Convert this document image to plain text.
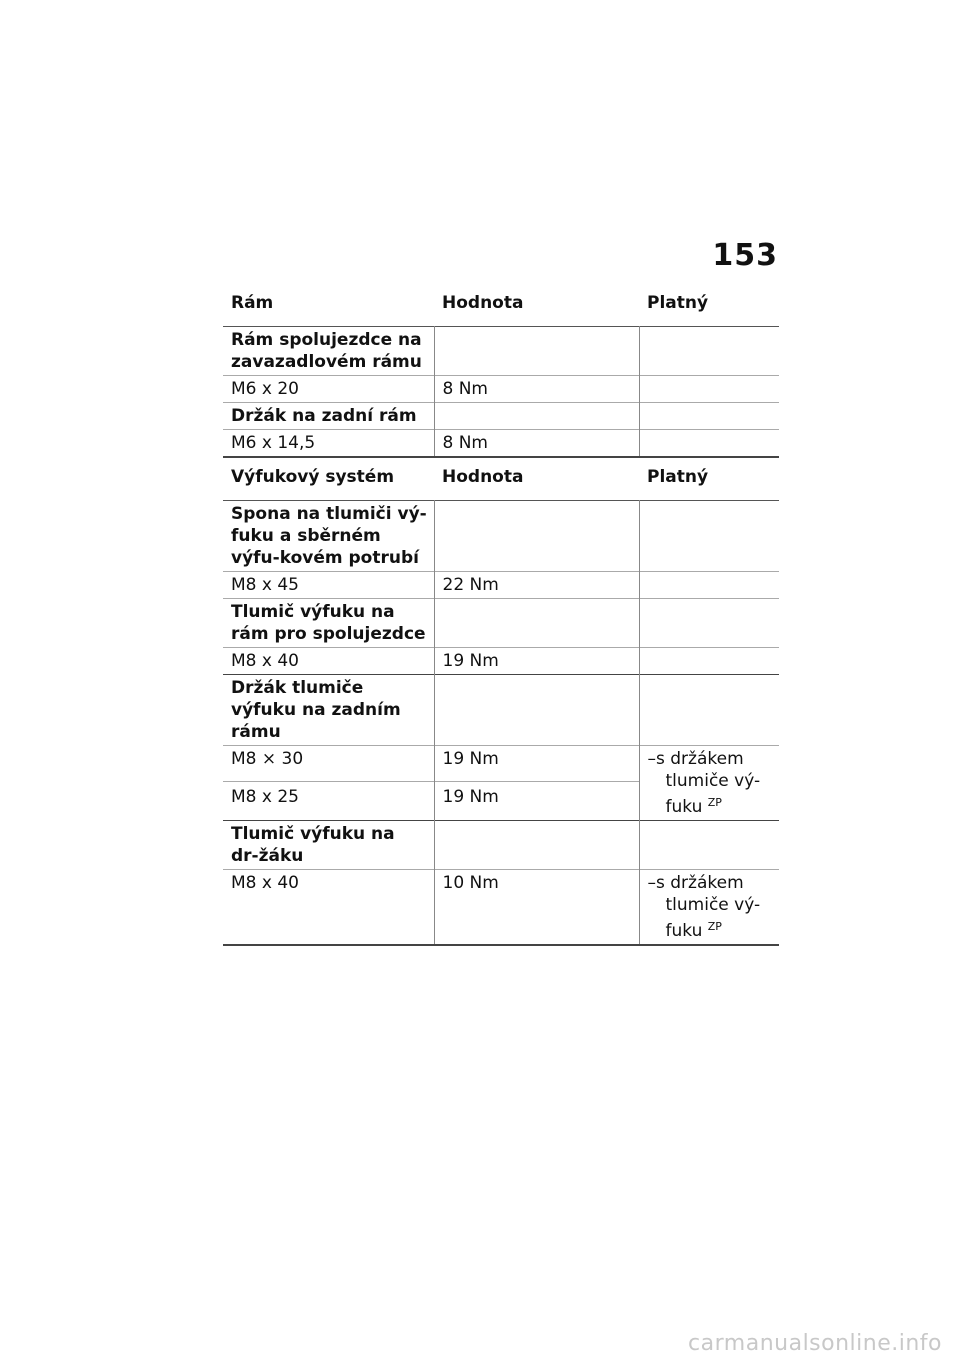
153
Rám	Hodnota	Platný
Rám spolujezdce na zavazadlovém rámu		
M6 x 20	8 Nm	
Držák na zadní rám		
M6 x 14,5	8 Nm	
Výfukový systém	Hodnota	Platný
Spona na tlumiči vý-fuku a sběrném výfu-kovém potrubí		
M8 x 45	22 Nm	
Tlumič výfuku na rám pro spolujezdce		
M8 x 40	19 Nm	
Držák tlumiče výfuku na zadním rámu		
M8 × 30	19 Nm	–s držákem tlumiče vý-fuku $^{ZP}$

M8 x 25	19 Nm	
Tlumič výfuku na dr-žáku		
M8 x 40	10 Nm	–s držákem tlumiče vý-fuku $^{ZP}$
carmanualsonline.info
